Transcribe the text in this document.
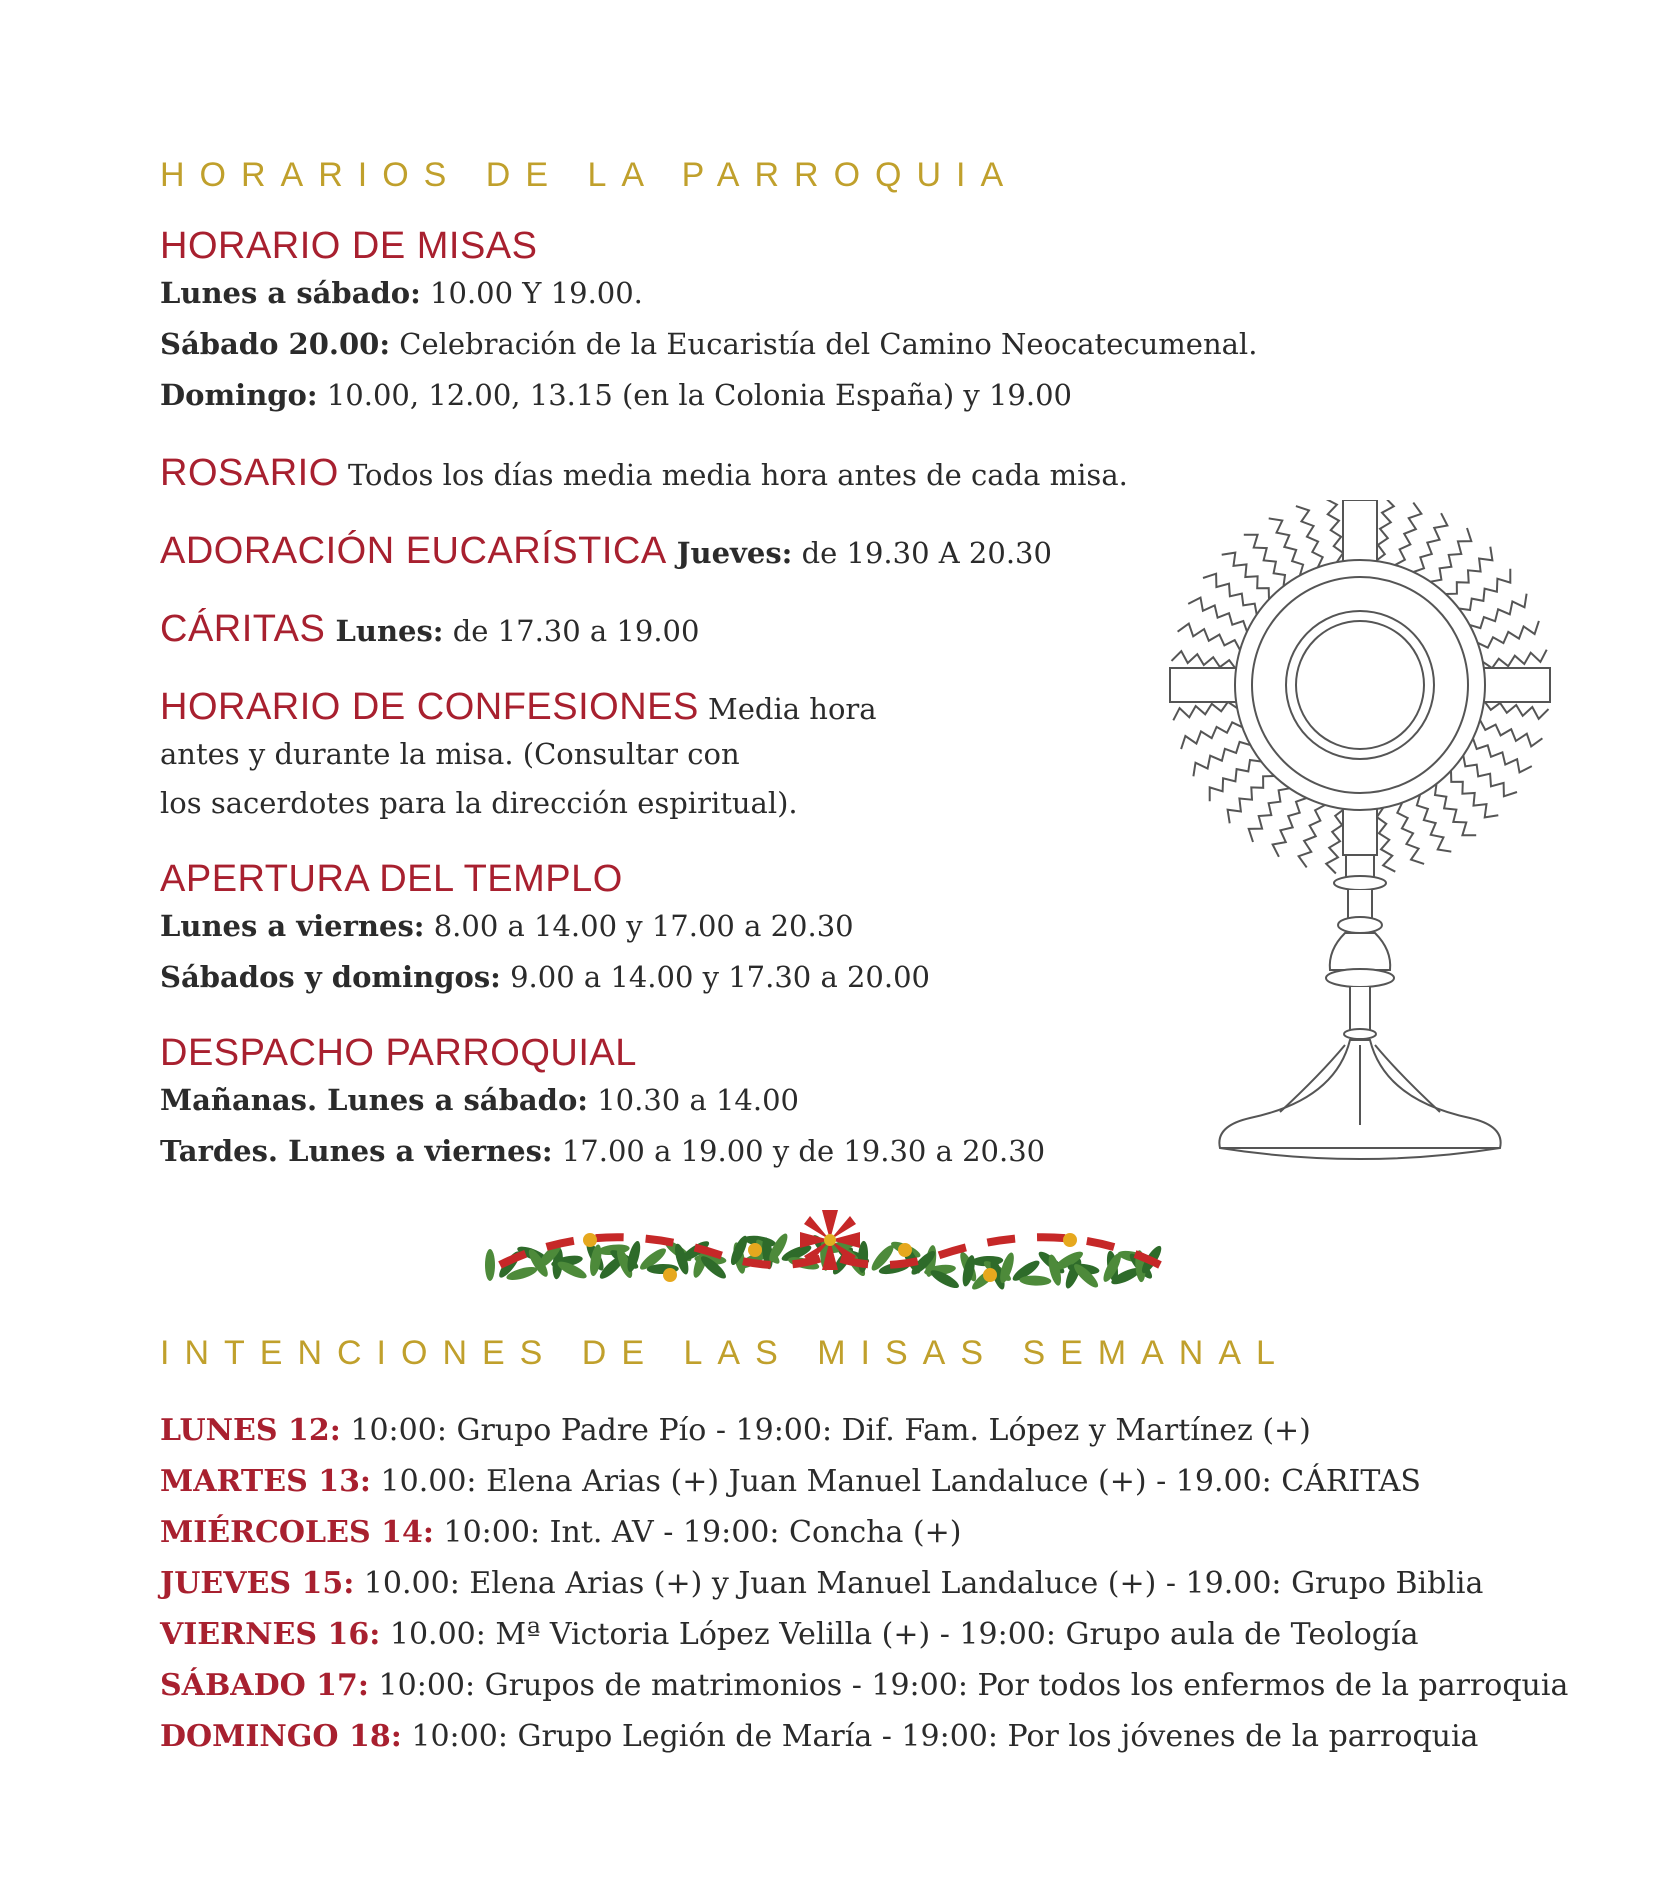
HORARIOS DE LA PARROQUIA
HORARIO DE MISAS
Lunes a sábado: 10.00 Y 19.00.
Sábado 20.00: Celebración de la Eucaristía del Camino Neocatecumenal.
Domingo: 10.00, 12.00, 13.15 (en la Colonia España) y 19.00
ROSARIO Todos los días media media hora antes de cada misa.
ADORACIÓN EUCARÍSTICA Jueves: de 19.30 A 20.30
CÁRITAS Lunes: de 17.30 a 19.00
HORARIO DE CONFESIONES Media hora
antes y durante la misa. (Consultar con
los sacerdotes para la dirección espiritual).
APERTURA DEL TEMPLO
Lunes a viernes: 8.00 a 14.00 y 17.00 a 20.30
Sábados y domingos: 9.00 a 14.00 y 17.30 a 20.00
DESPACHO PARROQUIAL
Mañanas. Lunes a sábado: 10.30 a 14.00
Tardes. Lunes a viernes: 17.00 a 19.00 y de 19.30 a 20.30
INTENCIONES DE LAS MISAS SEMANAL
LUNES 12: 10:00: Grupo Padre Pío - 19:00: Dif. Fam. López y Martínez (+)
MARTES 13: 10.00: Elena Arias (+) Juan Manuel Landaluce (+) - 19.00: CÁRITAS
MIÉRCOLES 14: 10:00: Int. AV - 19:00: Concha (+)
JUEVES 15: 10.00: Elena Arias (+) y Juan Manuel Landaluce (+) - 19.00: Grupo Biblia
VIERNES 16: 10.00: Mª Victoria López Velilla (+) - 19:00: Grupo aula de Teología
SÁBADO 17: 10:00: Grupos de matrimonios - 19:00: Por todos los enfermos de la parroquia
DOMINGO 18: 10:00: Grupo Legión de María - 19:00: Por los jóvenes de la parroquia
